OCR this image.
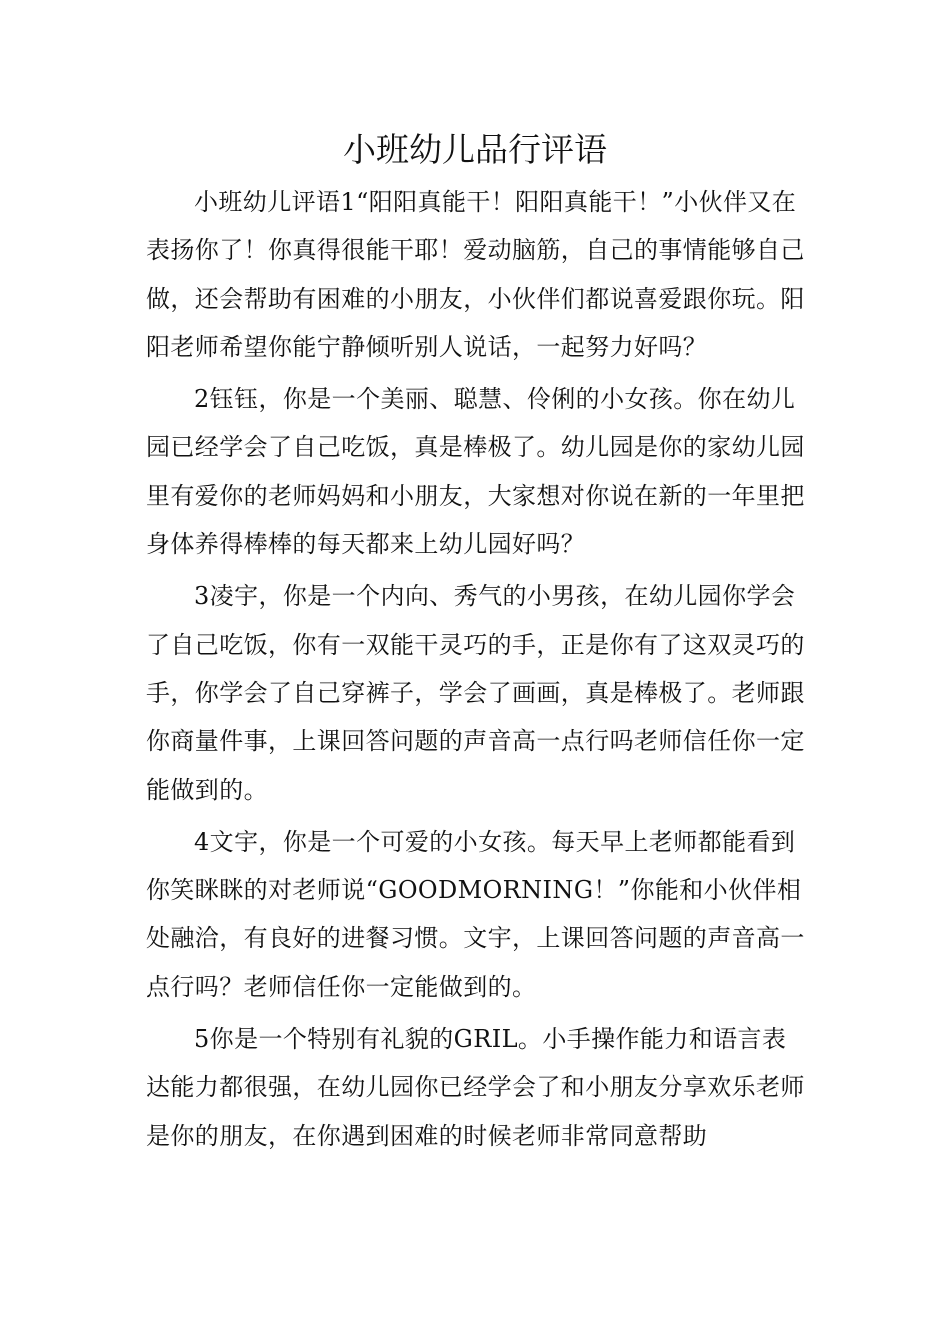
小班幼儿品行评语

小班幼儿评语1“阳阳真能干！阳阳真能干！”小伙伴又在表扬你了！你真得很能干耶！爱动脑筋，自己的事情能够自己做，还会帮助有困难的小朋友，小伙伴们都说喜爱跟你玩。阳阳老师希望你能宁静倾听别人说话，一起努力好吗？

2钰钰，你是一个美丽、聪慧、伶俐的小女孩。你在幼儿园已经学会了自己吃饭，真是棒极了。幼儿园是你的家幼儿园里有爱你的老师妈妈和小朋友，大家想对你说在新的一年里把身体养得棒棒的每天都来上幼儿园好吗？

3凌宇，你是一个内向、秀气的小男孩，在幼儿园你学会了自己吃饭，你有一双能干灵巧的手，正是你有了这双灵巧的手，你学会了自己穿裤子，学会了画画，真是棒极了。老师跟你商量件事，上课回答问题的声音高一点行吗老师信任你一定能做到的。

4文宇，你是一个可爱的小女孩。每天早上老师都能看到你笑眯眯的对老师说“GOODMORNING！”你能和小伙伴相处融洽，有良好的进餐习惯。文宇，上课回答问题的声音高一点行吗？老师信任你一定能做到的。

5你是一个特别有礼貌的GRIL。小手操作能力和语言表达能力都很强，在幼儿园你已经学会了和小朋友分享欢乐老师是你的朋友，在你遇到困难的时候老师非常同意帮助
